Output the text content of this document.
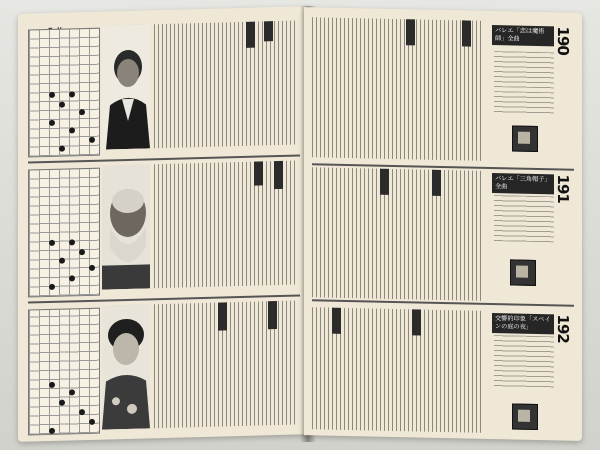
バレエ「恋は魔術師」全曲	190
バレエ「三角帽子」全曲	191
交響的印象「スペインの庭の夜」	192
